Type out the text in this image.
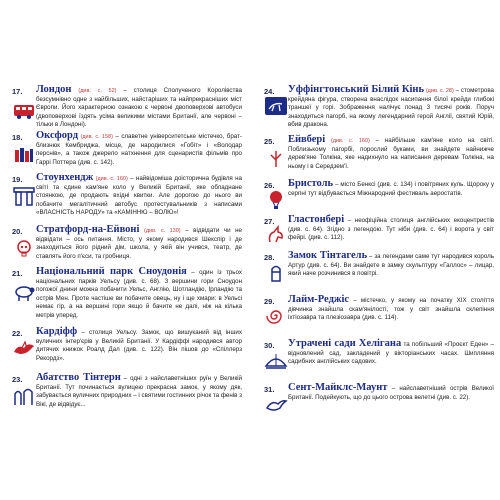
17. Лондон (див. с. 52) – столиця Сполученого Королівства безсумнівно одне з найбільших, найстаріших та найпрекрасніших міст Європи. Його характерною ознакою є червоні двоповерхові автобуси (двоповерхові їздять усіма великими містами Британії, але червоні – тільки в Лондоні).
18. Оксфорд (див. с. 158) – славетне університетське містечко, брат-близнюк Кембриджа, місце, де народилися «Гобіт» і «Володар перснів», а також джерело натхнення для сценаристів фільмів про Гаррі Поттера (див. с. 142).
19. Стоунхендж (див. с. 160) – найвідоміша доісторична будівля на світі та єдине кам'яне коло у Великій Британії, яке обладнане стоянкою, де продають вхідні квитки. Але дорогою до нього ви побачите мегалітичний автобус протестувальників з написами «ВЛАСНІСТЬ НАРОДУ» та «КАМІННЮ – ВОЛЮ»!
20. Стратфорд-на-Ейвоні (див. с. 130) – відвідати чи не відвідати – ось питання. Місто, у якому народився Шекспір і де знаходиться його рідний дім, школа, у якій він учився, театр, де ставлять його п'єси, та гробниця.
21. Національний парк Сноудонія – один із трьох національних парків Уельсу (див. с. 68). З вершини гори Сноудон погожої днини можна побачити Уельс, Англію, Шотландію, Ірландію та острів Мен. Проте частіше ви побачите овець, ну і ще хмари: в Уельсі немає гір, а на вершині гори якщо й бачите не далі, ніж на кілька метрів уперед.
22. Кардіфф – столиця Уельсу. Замок, що вишуканий від інших вуличних інтер'єрів у Великій Британії. У Кардіффі народився автор дитячих книжок Роалд Дал (див. с. 122). Він пішов до «Спіллерз Рекордз».
23. Абатство Тінтерн – одні з найславетніших руїн у Великій Британії. Тут починається вулицею прекрасна замок, у якому дяк, забувається вуличних природних – і святими гостинних річок та фенів з Вікі, де відвідує...
24. Уффінгтонський Білий Кінь (див. с. 28) – стометрова крейдяна фігура, створена внаслідок насипання білої крейди глибокі траншеї у горі. Зображення налічує понад 3 тисячі років. Поруч знаходиться пагорб, на якому легендарний герой Англії, святий Юрій, вбив дракона.
25. Ейвбері (див. с. 160) – найбільше кам'яне коло на світі. Поблизькому пагорбі, порослий буками, ви знайдете найнижче дерев'яне Толкіна, яке надихнуло на написання деревам Толкіна, на ньому і в Середзем'ї.
26. Бристоль – місто Бенксі (див. с. 134) і повітряних куль. Щороку у серпні тут відбувається Міжнародний фестиваль аеростатів.
27. Гластонбері – неофіційна столиця англійських екоцентристів (див. с. 64). Згідно з легендою. Тут ніби (див. с. 64) і ворота у світ фейрі. (див. с. 112).
28. Замок Тінтагель – за легендами саме тут народився король Артур (див. с. 64). Ви знайдете в замку скульптуру «Галлос» – лицар, який наче розчинився в повітрі.
29. Лайм-Реджіс – містечко, у якому на початку XIX століття дівчинка знайшла скам'янілості, тож у світ знайшла склепіння іхтіозавра та плезіозавра (див. с. 114).
30. Утрачені сади Хелігана та побільший «Проєкт Еден» – відновлений сад, закладений у вікторіанських часах. Шипляння садибних англійських садових.
31. Сент-Майклс-Маунт – найславетніший острів Великої Британії. Подейкують, що до цього острова велетні (див. с. 22).
